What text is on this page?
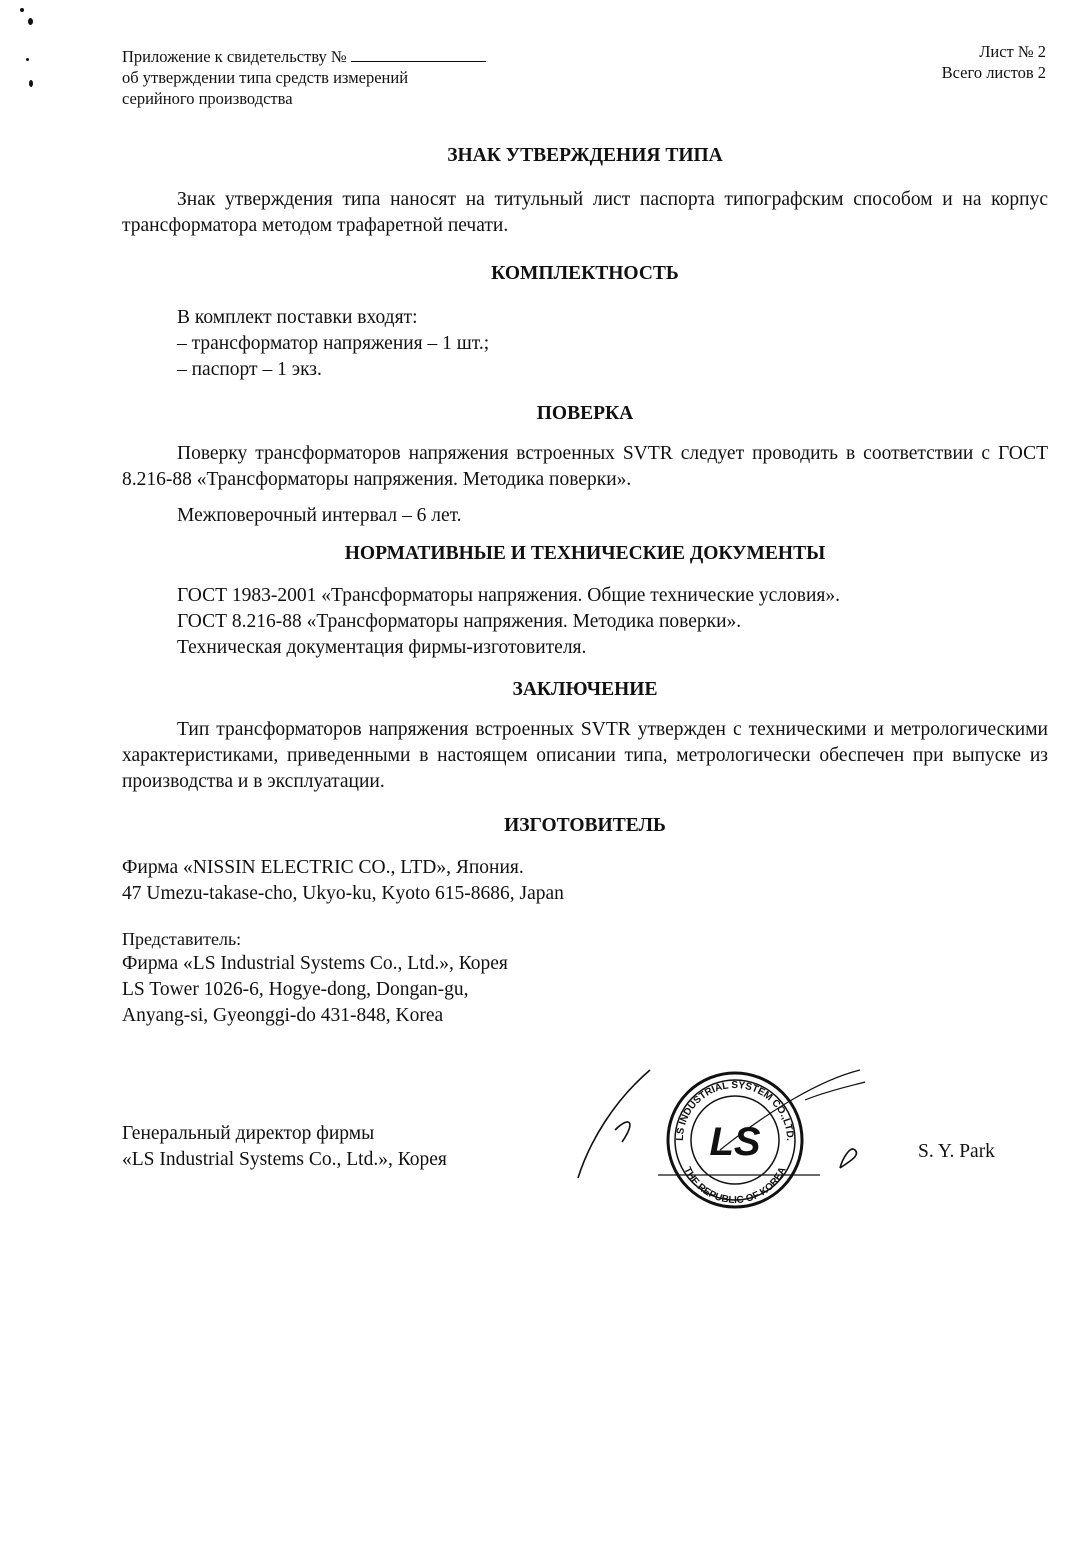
Приложение к свидетельству №
об утверждении типа средств измерений
серийного производства
Лист № 2
Всего листов 2
ЗНАК УТВЕРЖДЕНИЯ ТИПА

Знак утверждения типа наносят на титульный лист паспорта типографским способом и на корпус трансформатора методом трафаретной печати.

КОМПЛЕКТНОСТЬ

В комплект поставки входят:

– трансформатор напряжения – 1 шт.;

– паспорт – 1 экз.

ПОВЕРКА

Поверку трансформаторов напряжения встроенных SVTR следует проводить в соответствии с ГОСТ 8.216-88 «Трансформаторы напряжения. Методика поверки».

Межповерочный интервал – 6 лет.

НОРМАТИВНЫЕ И ТЕХНИЧЕСКИЕ ДОКУМЕНТЫ

ГОСТ 1983-2001 «Трансформаторы напряжения. Общие технические условия».

ГОСТ 8.216-88 «Трансформаторы напряжения. Методика поверки».

Техническая документация фирмы-изготовителя.

ЗАКЛЮЧЕНИЕ

Тип трансформаторов напряжения встроенных SVTR утвержден с техническими и метрологическими характеристиками, приведенными в настоящем описании типа, метрологически обеспечен при выпуске из производства и в эксплуатации.

ИЗГОТОВИТЕЛЬ

Фирма «NISSIN ELECTRIC CO., LTD», Япония.

47 Umezu-takase-cho, Ukyo-ku, Kyoto 615-8686, Japan

Представитель:

Фирма «LS Industrial Systems Co., Ltd.», Корея

LS Tower 1026-6, Hogye-dong, Dongan-gu,

Anyang-si, Gyeonggi-do 431-848, Korea

Генеральный директор фирмы
«LS Industrial Systems Co., Ltd.», Корея	LS
LS INDUSTRIAL SYSTEM CO.,LTD.
THE REPUBLIC OF KOREA
S. Y. Park
